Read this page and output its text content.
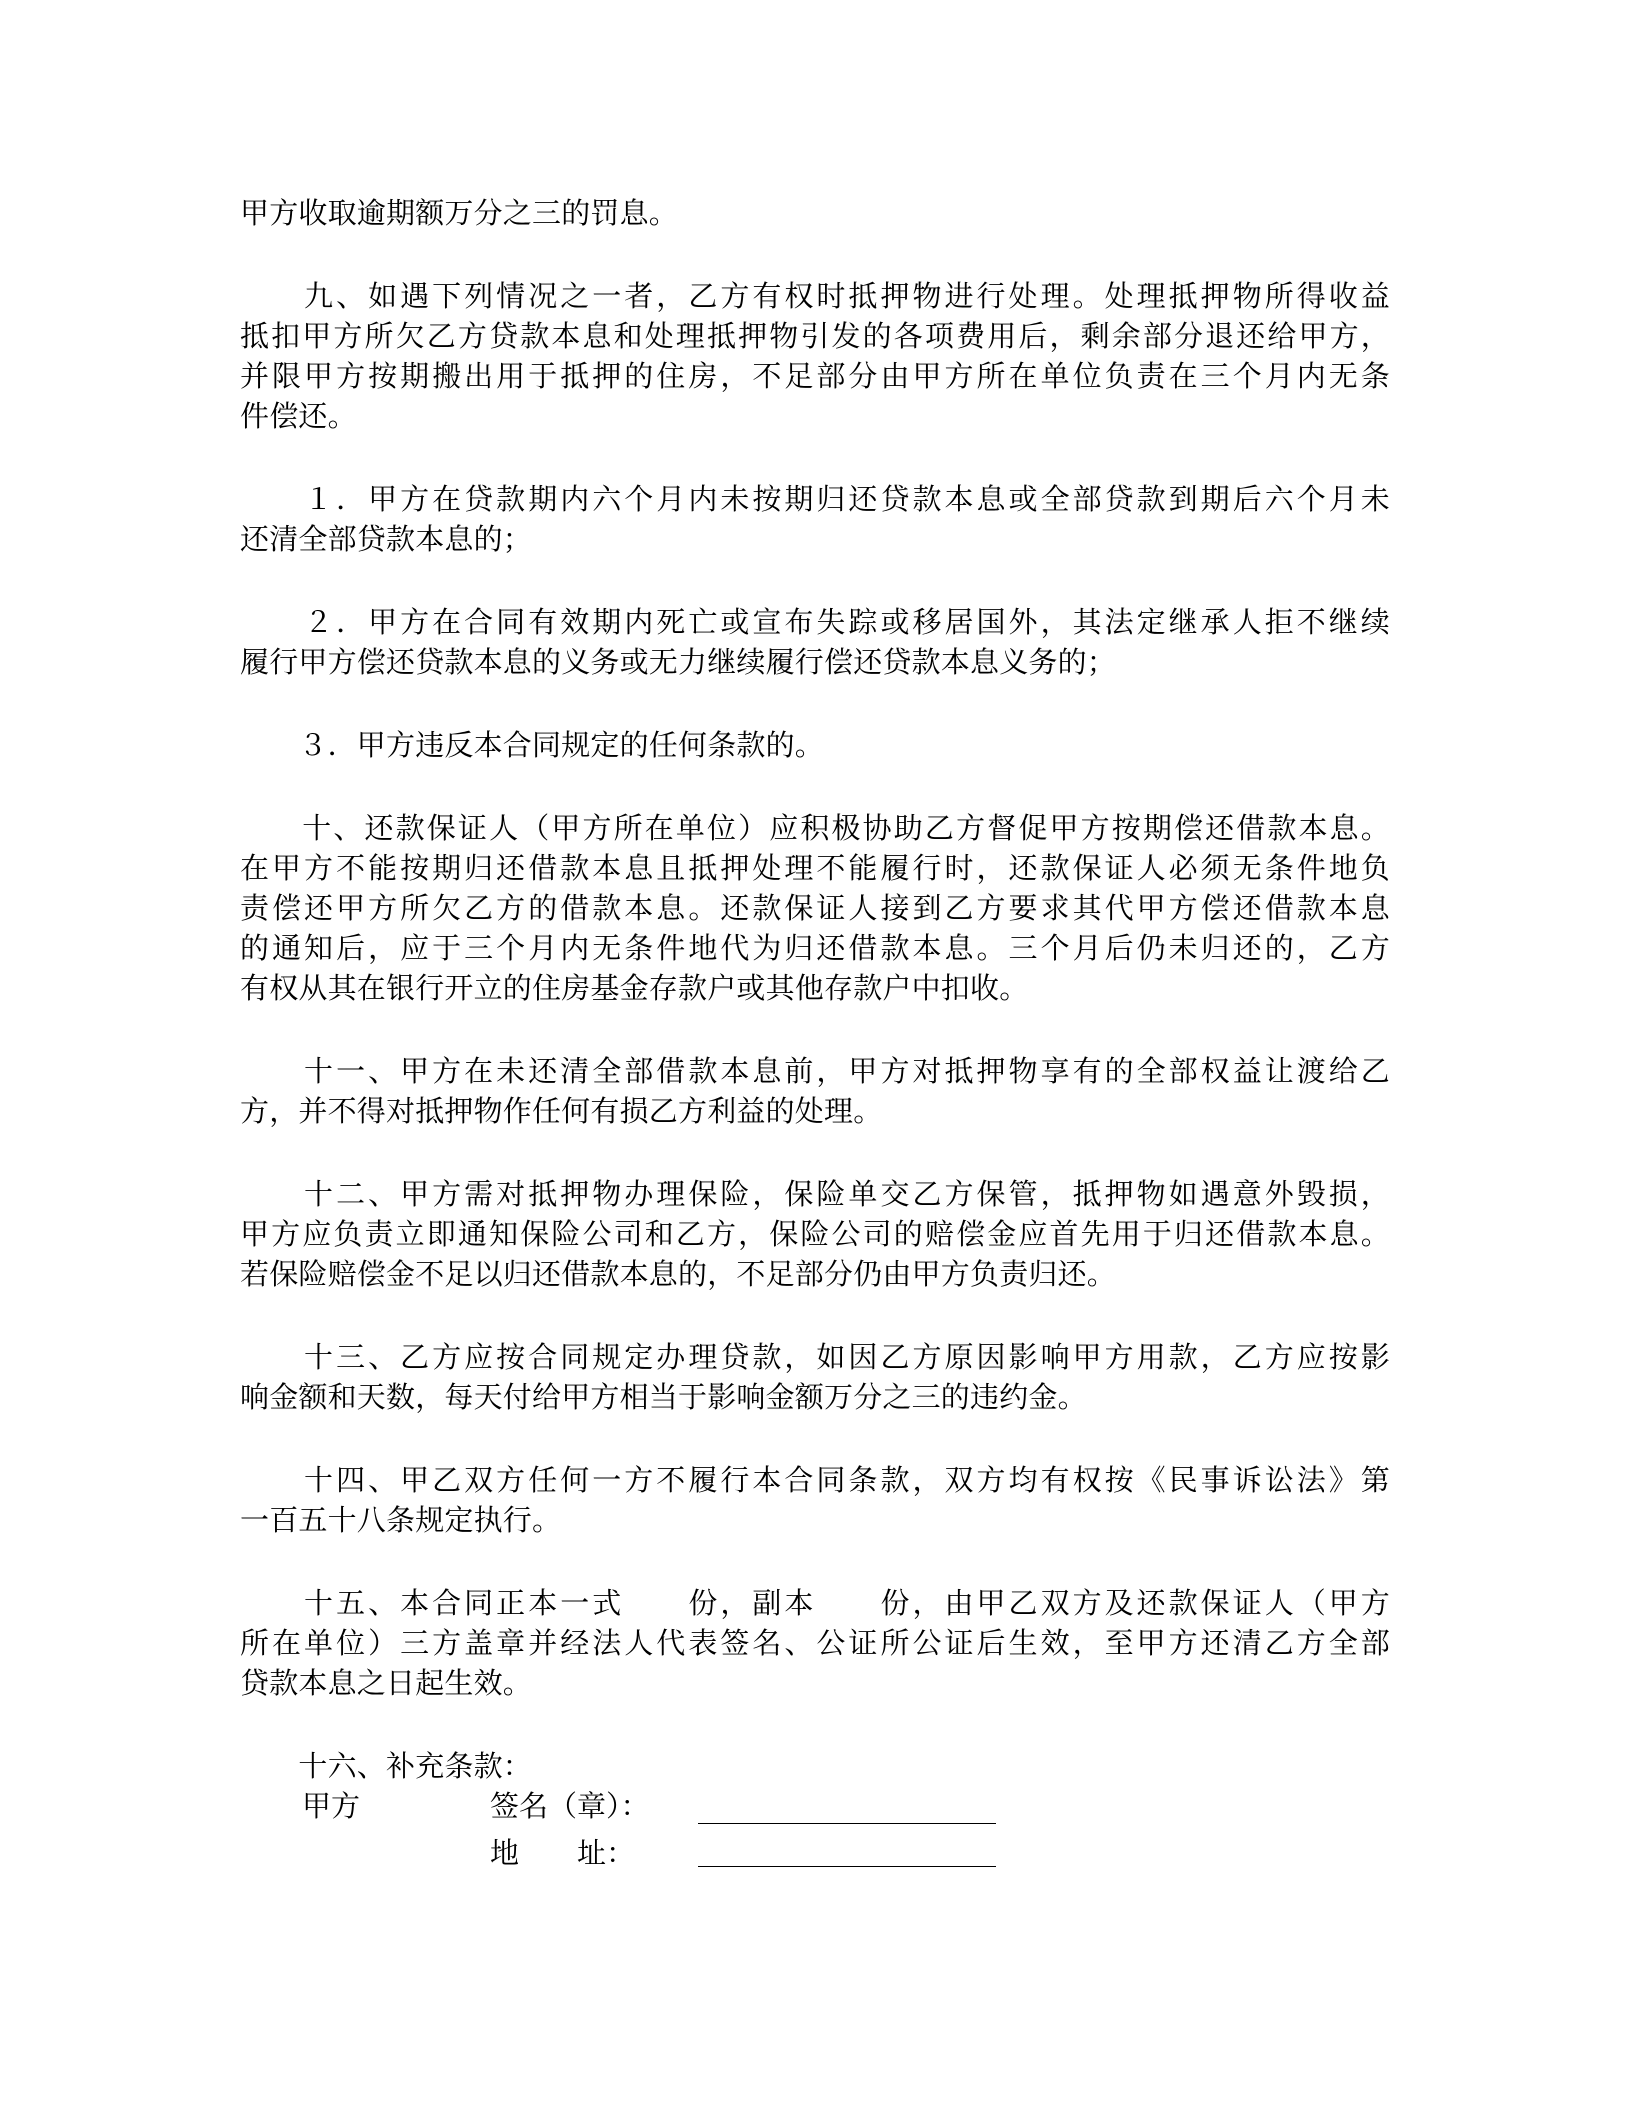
甲方收取逾期额万分之三的罚息。
　　九、如遇下列情况之一者，乙方有权时抵押物进行处理。处理抵押物所得收益
抵扣甲方所欠乙方贷款本息和处理抵押物引发的各项费用后，剩余部分退还给甲方，
并限甲方按期搬出用于抵押的住房，不足部分由甲方所在单位负责在三个月内无条
件偿还。
　　１．甲方在贷款期内六个月内未按期归还贷款本息或全部贷款到期后六个月未
还清全部贷款本息的；
　　２．甲方在合同有效期内死亡或宣布失踪或移居国外，其法定继承人拒不继续
履行甲方偿还贷款本息的义务或无力继续履行偿还贷款本息义务的；
　　３．甲方违反本合同规定的任何条款的。
　　十、还款保证人（甲方所在单位）应积极协助乙方督促甲方按期偿还借款本息。
在甲方不能按期归还借款本息且抵押处理不能履行时，还款保证人必须无条件地负
责偿还甲方所欠乙方的借款本息。还款保证人接到乙方要求其代甲方偿还借款本息
的通知后，应于三个月内无条件地代为归还借款本息。三个月后仍未归还的，乙方
有权从其在银行开立的住房基金存款户或其他存款户中扣收。
　　十一、甲方在未还清全部借款本息前，甲方对抵押物享有的全部权益让渡给乙
方，并不得对抵押物作任何有损乙方利益的处理。
　　十二、甲方需对抵押物办理保险，保险单交乙方保管，抵押物如遇意外毁损，
甲方应负责立即通知保险公司和乙方，保险公司的赔偿金应首先用于归还借款本息。
若保险赔偿金不足以归还借款本息的，不足部分仍由甲方负责归还。
　　十三、乙方应按合同规定办理贷款，如因乙方原因影响甲方用款，乙方应按影
响金额和天数，每天付给甲方相当于影响金额万分之三的违约金。
　　十四、甲乙双方任何一方不履行本合同条款，双方均有权按《民事诉讼法》第
一百五十八条规定执行。
　　十五、本合同正本一式　　份，副本　　份，由甲乙双方及还款保证人（甲方
所在单位）三方盖章并经法人代表签名、公证所公证后生效，至甲方还清乙方全部
贷款本息之日起生效。
　　十六、补充条款：
甲方	签名（章）：
地　　址：
